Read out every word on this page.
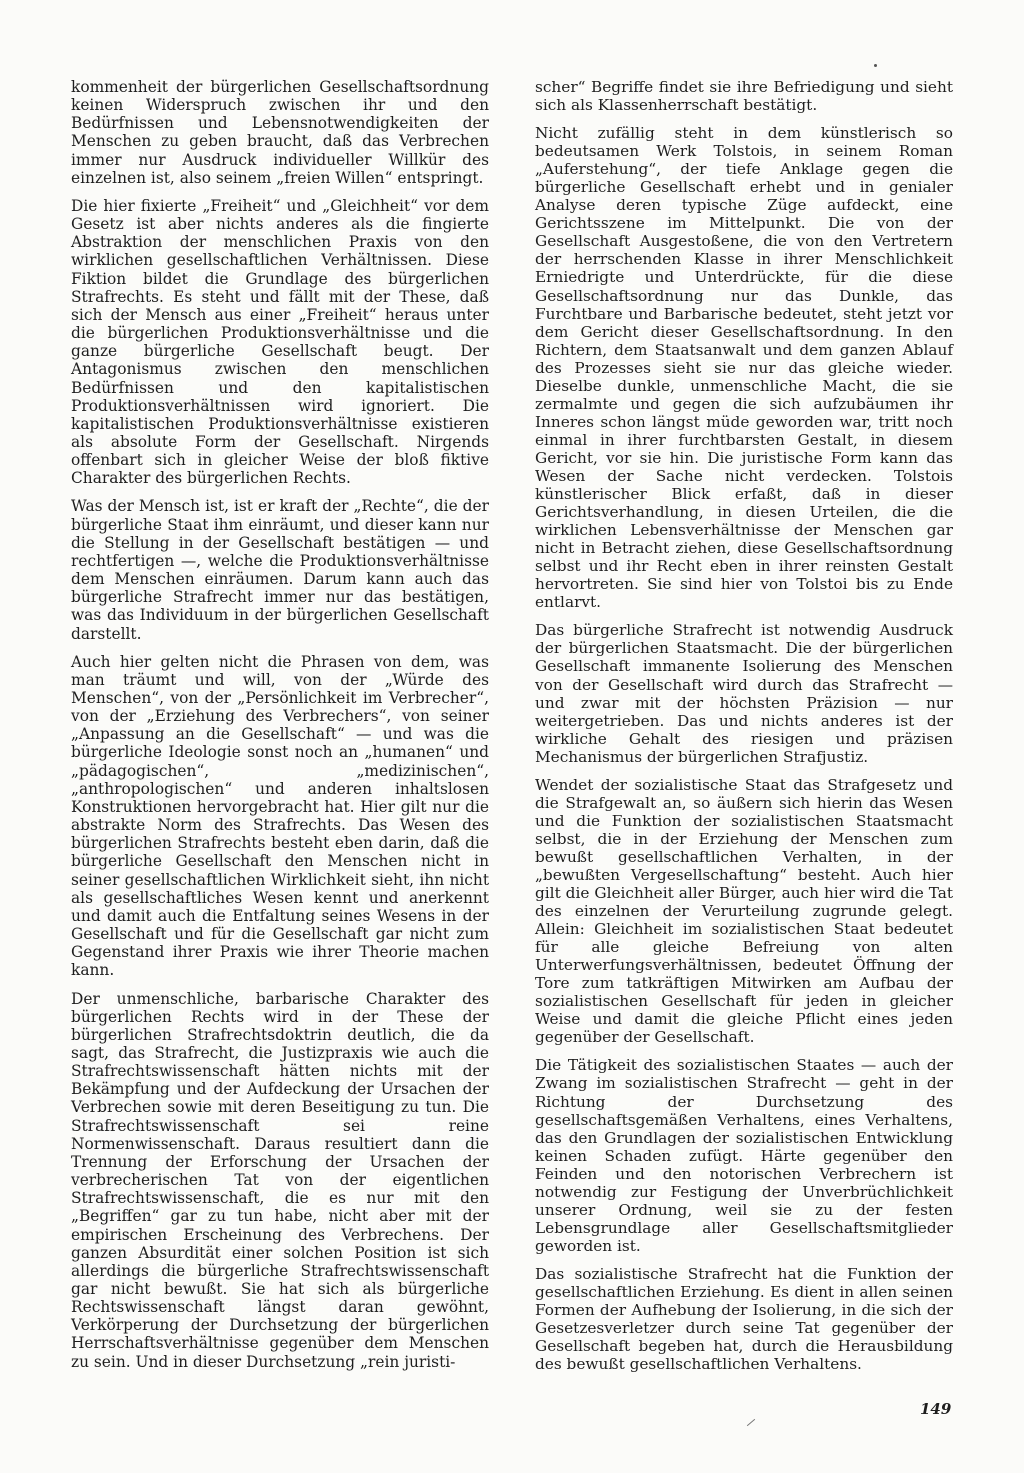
kommenheit der bürgerlichen Gesellschaftsordnung keinen Widerspruch zwischen ihr und den Bedürfnissen und Lebensnotwendigkeiten der Menschen zu geben braucht, daß das Verbrechen immer nur Ausdruck individueller Willkür des einzelnen ist, also seinem „freien Willen“ entspringt.

Die hier fixierte „Freiheit“ und „Gleichheit“ vor dem Gesetz ist aber nichts anderes als die fingierte Abstraktion der menschlichen Praxis von den wirklichen gesellschaftlichen Verhältnissen. Diese Fiktion bildet die Grundlage des bürgerlichen Strafrechts. Es steht und fällt mit der These, daß sich der Mensch aus einer „Freiheit“ heraus unter die bürgerlichen Produktionsverhältnisse und die ganze bürgerliche Gesellschaft beugt. Der Antagonismus zwischen den menschlichen Bedürfnissen und den kapitalistischen Produktionsverhältnissen wird ignoriert. Die kapitalistischen Produktionsverhältnisse existieren als absolute Form der Gesellschaft. Nirgends offenbart sich in gleicher Weise der bloß fiktive Charakter des bürgerlichen Rechts.

Was der Mensch ist, ist er kraft der „Rechte“, die der bürgerliche Staat ihm einräumt, und dieser kann nur die Stellung in der Gesellschaft bestätigen — und rechtfertigen —, welche die Produktionsverhältnisse dem Menschen einräumen. Darum kann auch das bürgerliche Strafrecht immer nur das bestätigen, was das Individuum in der bürgerlichen Gesellschaft darstellt.

Auch hier gelten nicht die Phrasen von dem, was man träumt und will, von der „Würde des Menschen“, von der „Persönlichkeit im Verbrecher“, von der „Erziehung des Verbrechers“, von seiner „Anpassung an die Gesellschaft“ — und was die bürgerliche Ideologie sonst noch an „humanen“ und „pädagogischen“, „medizinischen“, „anthropologischen“ und anderen inhaltslosen Konstruktionen hervorgebracht hat. Hier gilt nur die abstrakte Norm des Strafrechts. Das Wesen des bürgerlichen Strafrechts besteht eben darin, daß die bürgerliche Gesellschaft den Menschen nicht in seiner gesellschaftlichen Wirklichkeit sieht, ihn nicht als gesellschaftliches Wesen kennt und anerkennt und damit auch die Entfaltung seines Wesens in der Gesellschaft und für die Gesellschaft gar nicht zum Gegenstand ihrer Praxis wie ihrer Theorie machen kann.

Der unmenschliche, barbarische Charakter des bürgerlichen Rechts wird in der These der bürgerlichen Strafrechtsdoktrin deutlich, die da sagt, das Strafrecht, die Justizpraxis wie auch die Strafrechtswissenschaft hätten nichts mit der Bekämpfung und der Aufdeckung der Ursachen der Verbrechen sowie mit deren Beseitigung zu tun. Die Strafrechtswissenschaft sei reine Normenwissenschaft. Daraus resultiert dann die Trennung der Erforschung der Ursachen der verbrecherischen Tat von der eigentlichen Strafrechtswissenschaft, die es nur mit den „Begriffen“ gar zu tun habe, nicht aber mit der empirischen Erscheinung des Verbrechens. Der ganzen Absurdität einer solchen Position ist sich allerdings die bürgerliche Strafrechtswissenschaft gar nicht bewußt. Sie hat sich als bürgerliche Rechtswissenschaft längst daran gewöhnt, Verkörperung der Durchsetzung der bürgerlichen Herrschaftsverhältnisse gegenüber dem Menschen zu sein. Und in dieser Durchsetzung „rein juristi-

scher“ Begriffe findet sie ihre Befriedigung und sieht sich als Klassenherrschaft bestätigt.

Nicht zufällig steht in dem künstlerisch so bedeutsamen Werk Tolstois, in seinem Roman „Auferstehung“, der tiefe Anklage gegen die bürgerliche Gesellschaft erhebt und in genialer Analyse deren typische Züge aufdeckt, eine Gerichtsszene im Mittelpunkt. Die von der Gesellschaft Ausgestoßene, die von den Vertretern der herrschenden Klasse in ihrer Menschlichkeit Erniedrigte und Unterdrückte, für die diese Gesellschaftsordnung nur das Dunkle, das Furchtbare und Barbarische bedeutet, steht jetzt vor dem Gericht dieser Gesellschaftsordnung. In den Richtern, dem Staatsanwalt und dem ganzen Ablauf des Prozesses sieht sie nur das gleiche wieder. Dieselbe dunkle, unmenschliche Macht, die sie zermalmte und gegen die sich aufzubäumen ihr Inneres schon längst müde geworden war, tritt noch einmal in ihrer furchtbarsten Gestalt, in diesem Gericht, vor sie hin. Die juristische Form kann das Wesen der Sache nicht verdecken. Tolstois künstlerischer Blick erfaßt, daß in dieser Gerichtsverhandlung, in diesen Urteilen, die die wirklichen Lebensverhältnisse der Menschen gar nicht in Betracht ziehen, diese Gesellschaftsordnung selbst und ihr Recht eben in ihrer reinsten Gestalt hervortreten. Sie sind hier von Tolstoi bis zu Ende entlarvt.

Das bürgerliche Strafrecht ist notwendig Ausdruck der bürgerlichen Staatsmacht. Die der bürgerlichen Gesellschaft immanente Isolierung des Menschen von der Gesellschaft wird durch das Strafrecht — und zwar mit der höchsten Präzision — nur weitergetrieben. Das und nichts anderes ist der wirkliche Gehalt des riesigen und präzisen Mechanismus der bürgerlichen Strafjustiz.

Wendet der sozialistische Staat das Strafgesetz und die Strafgewalt an, so äußern sich hierin das Wesen und die Funktion der sozialistischen Staatsmacht selbst, die in der Erziehung der Menschen zum bewußt gesellschaftlichen Verhalten, in der „bewußten Vergesellschaftung“ besteht. Auch hier gilt die Gleichheit aller Bürger, auch hier wird die Tat des einzelnen der Verurteilung zugrunde gelegt. Allein: Gleichheit im sozialistischen Staat bedeutet für alle gleiche Befreiung von alten Unterwerfungsverhältnissen, bedeutet Öffnung der Tore zum tatkräftigen Mitwirken am Aufbau der sozialistischen Gesellschaft für jeden in gleicher Weise und damit die gleiche Pflicht eines jeden gegenüber der Gesellschaft.

Die Tätigkeit des sozialistischen Staates — auch der Zwang im sozialistischen Strafrecht — geht in der Richtung der Durchsetzung des gesellschaftsgemäßen Verhaltens, eines Verhaltens, das den Grundlagen der sozialistischen Entwicklung keinen Schaden zufügt. Härte gegenüber den Feinden und den notorischen Verbrechern ist notwendig zur Festigung der Unverbrüchlichkeit unserer Ordnung, weil sie zu der festen Lebensgrundlage aller Gesellschaftsmitglieder geworden ist.

Das sozialistische Strafrecht hat die Funktion der gesellschaftlichen Erziehung. Es dient in allen seinen Formen der Aufhebung der Isolierung, in die sich der Gesetzesverletzer durch seine Tat gegenüber der Gesellschaft begeben hat, durch die Herausbildung des bewußt gesellschaftlichen Verhaltens.

149
